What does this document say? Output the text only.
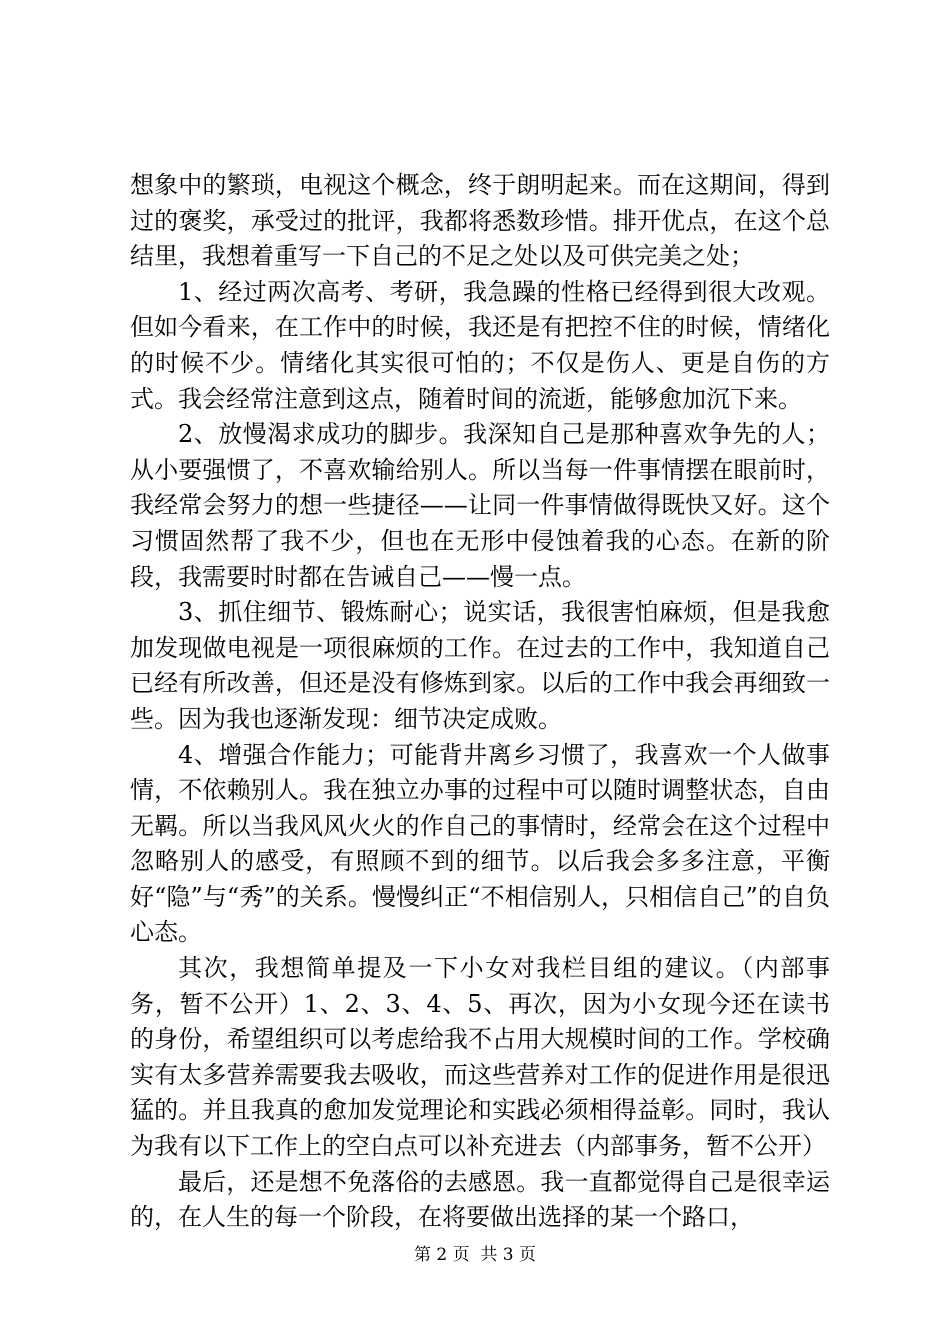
想象中的繁琐，电视这个概念，终于朗明起来。而在这期间，得到过的褒奖，承受过的批评，我都将悉数珍惜。排开优点，在这个总结里，我想着重写一下自己的不足之处以及可供完美之处；

1、经过两次高考、考研，我急躁的性格已经得到很大改观。但如今看来，在工作中的时候，我还是有把控不住的时候，情绪化的时候不少。情绪化其实很可怕的；不仅是伤人、更是自伤的方式。我会经常注意到这点，随着时间的流逝，能够愈加沉下来。

2、放慢渴求成功的脚步。我深知自己是那种喜欢争先的人；从小要强惯了，不喜欢输给别人。所以当每一件事情摆在眼前时，我经常会努力的想一些捷径——让同一件事情做得既快又好。这个习惯固然帮了我不少，但也在无形中侵蚀着我的心态。在新的阶段，我需要时时都在告诫自己——慢一点。

3、抓住细节、锻炼耐心；说实话，我很害怕麻烦，但是我愈加发现做电视是一项很麻烦的工作。在过去的工作中，我知道自己已经有所改善，但还是没有修炼到家。以后的工作中我会再细致一些。因为我也逐渐发现：细节决定成败。

4、增强合作能力；可能背井离乡习惯了，我喜欢一个人做事情，不依赖别人。我在独立办事的过程中可以随时调整状态，自由无羁。所以当我风风火火的作自己的事情时，经常会在这个过程中忽略别人的感受，有照顾不到的细节。以后我会多多注意，平衡好“隐”与“秀”的关系。慢慢纠正“不相信别人，只相信自己”的自负心态。

其次，我想简单提及一下小女对我栏目组的建议。（内部事务，暂不公开）1、2、3、4、5、再次，因为小女现今还在读书的身份，希望组织可以考虑给我不占用大规模时间的工作。学校确实有太多营养需要我去吸收，而这些营养对工作的促进作用是很迅猛的。并且我真的愈加发觉理论和实践必须相得益彰。同时，我认为我有以下工作上的空白点可以补充进去（内部事务，暂不公开）

最后，还是想不免落俗的去感恩。我一直都觉得自己是很幸运的，在人生的每一个阶段，在将要做出选择的某一个路口，

第 2 页  共 3 页
